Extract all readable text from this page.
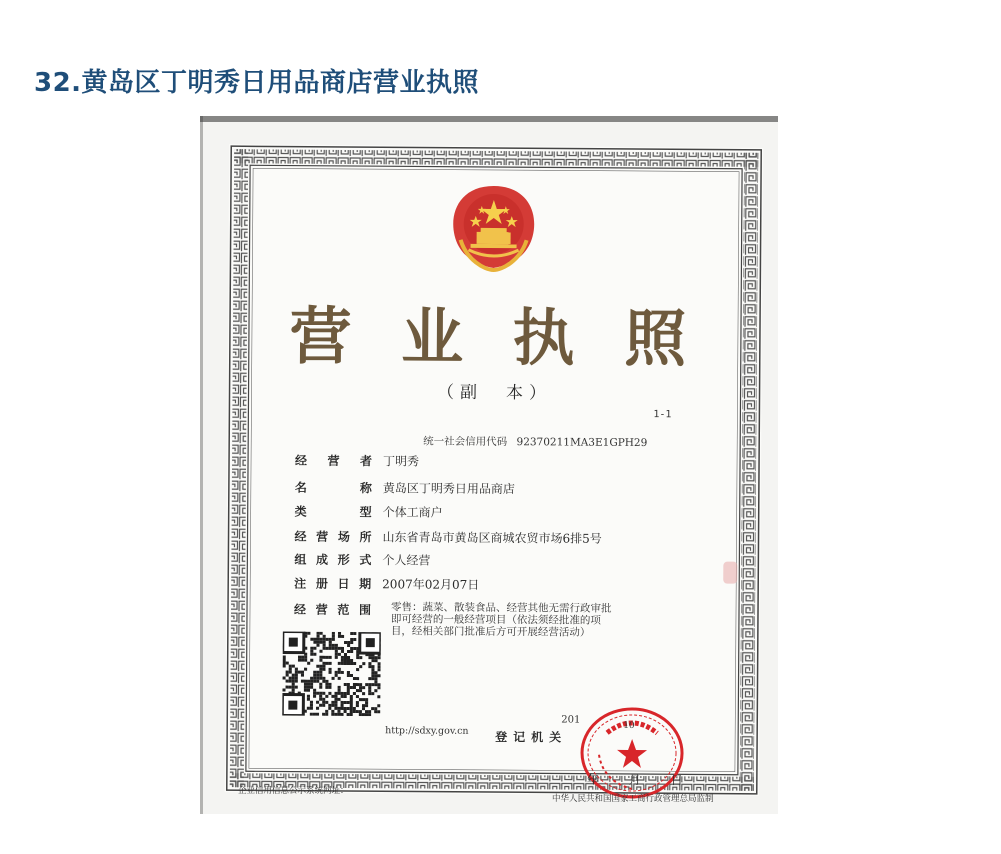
32.黄岛区丁明秀日用品商店营业执照
营 业 执 照
（副　本）
1-1
统一社会信用代码 92370211MA3E1GPH29
经营者 丁明秀
名称 黄岛区丁明秀日用品商店
类型 个体工商户
经营场所 山东省青岛市黄岛区商城农贸市场6排5号
组成形式 个人经营
注册日期 2007年02月07日
经营范围 零售：蔬菜、散装食品、经营其他无需行政审批即可经营的一般经营项目（依法须经批准的项目，经相关部门批准后方可开展经营活动）
http://sdxy.gov.cn
201
登记机关
10
年　　月　　日
企业信用信息公示系统网址：
中华人民共和国国家工商行政管理总局监制
